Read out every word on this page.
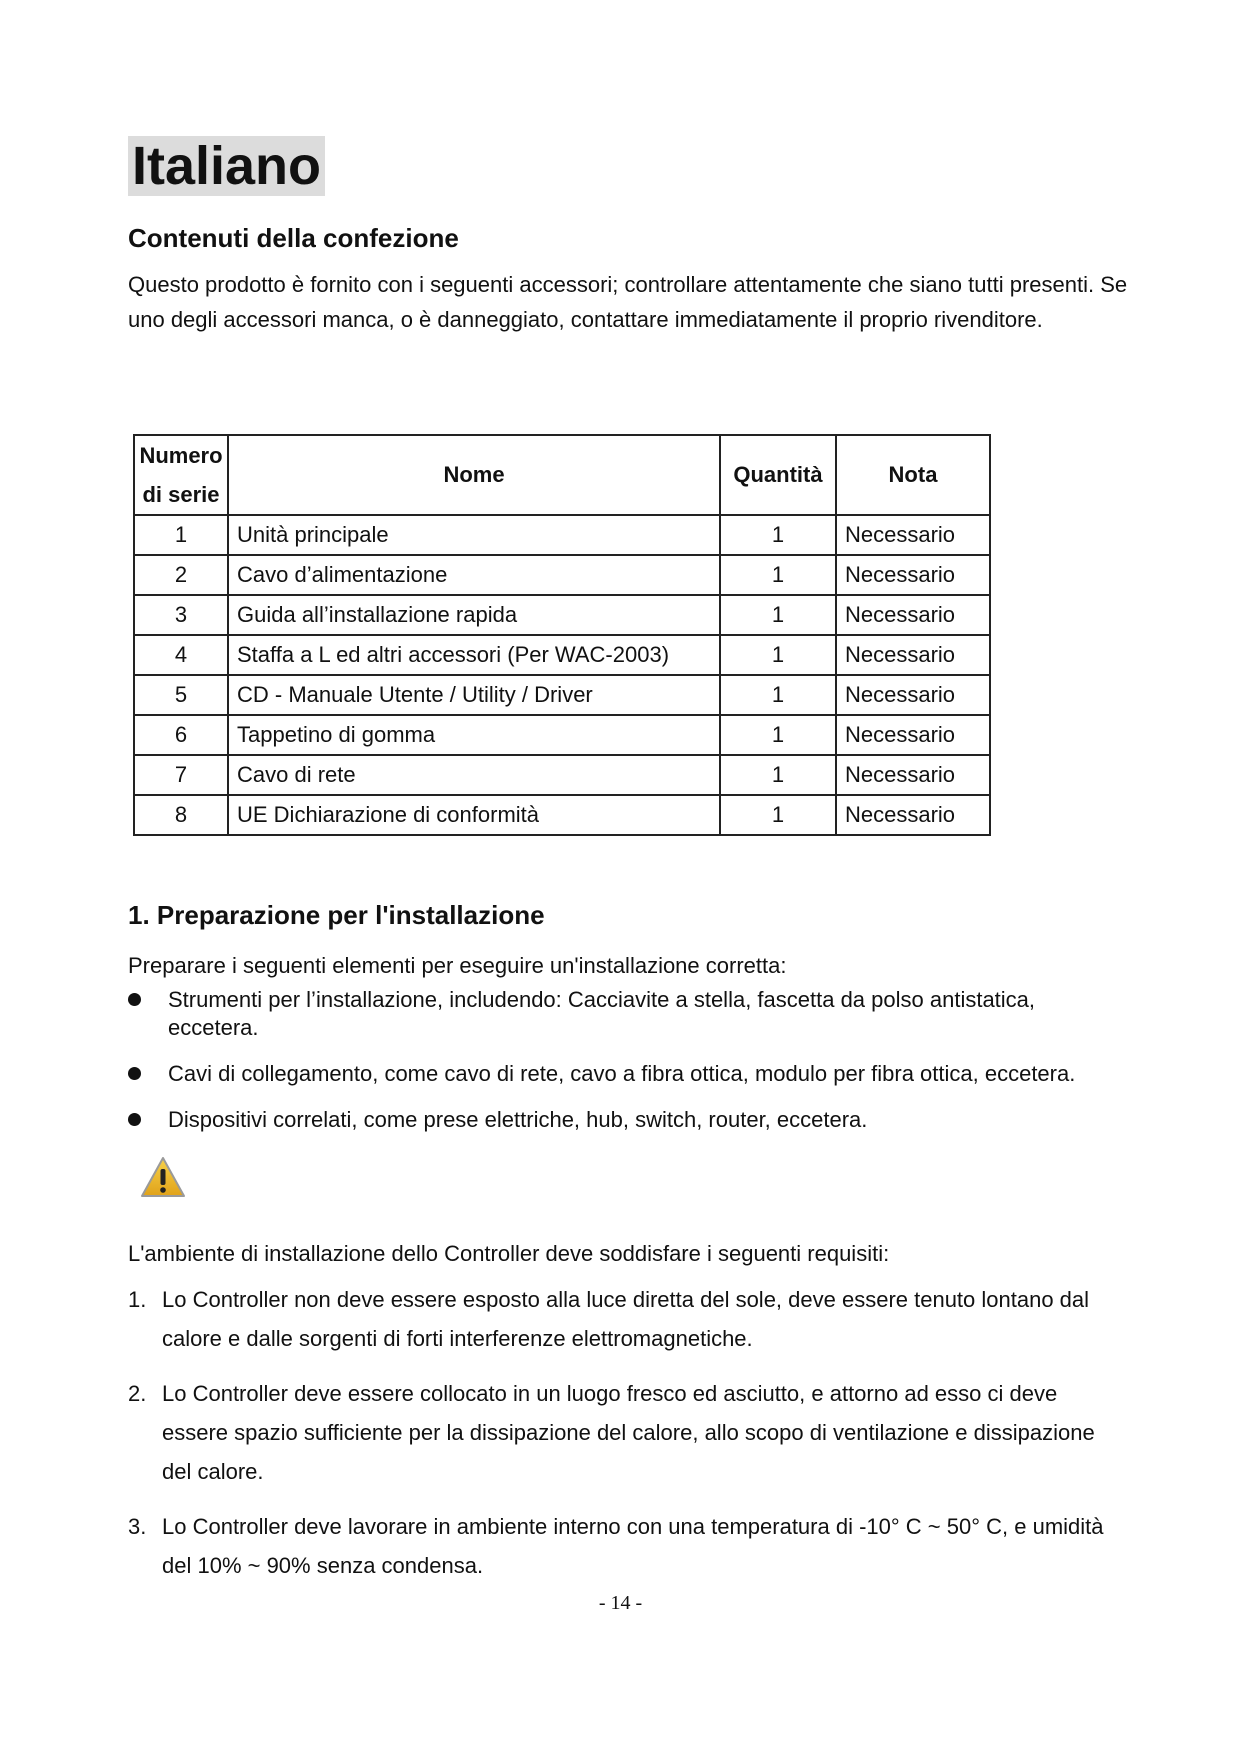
Italiano
Contenuti della confezione

Questo prodotto è fornito con i seguenti accessori; controllare attentamente che siano tutti presenti. Se uno degli accessori manca, o è danneggiato, contattare immediatamente il proprio rivenditore.

Numero
di serie	Nome	Quantità	Nota
1	Unità principale	1	Necessario
2	Cavo d’alimentazione	1	Necessario
3	Guida all’installazione rapida	1	Necessario
4	Staffa a L ed altri accessori (Per WAC-2003)	1	Necessario
5	CD - Manuale Utente / Utility / Driver	1	Necessario
6	Tappetino di gomma	1	Necessario
7	Cavo di rete	1	Necessario
8	UE Dichiarazione di conformità	1	Necessario
1. Preparazione per l'installazione

Preparare i seguenti elementi per eseguire un'installazione corretta:

Strumenti per l’installazione, includendo: Cacciavite a stella, fascetta da polso antistatica, eccetera.
Cavi di collegamento, come cavo di rete, cavo a fibra ottica, modulo per fibra ottica, eccetera.
Dispositivi correlati, come prese elettriche, hub, switch, router, eccetera.

L'ambiente di installazione dello Controller deve soddisfare i seguenti requisiti:

1. Lo Controller non deve essere esposto alla luce diretta del sole, deve essere tenuto lontano dal calore e dalle sorgenti di forti interferenze elettromagnetiche.
2. Lo Controller deve essere collocato in un luogo fresco ed asciutto, e attorno ad esso ci deve essere spazio sufficiente per la dissipazione del calore, allo scopo di ventilazione e dissipazione del calore.
3. Lo Controller deve lavorare in ambiente interno con una temperatura di -10° C ~ 50° C, e umidità del 10% ~ 90% senza condensa.
- 14 -
